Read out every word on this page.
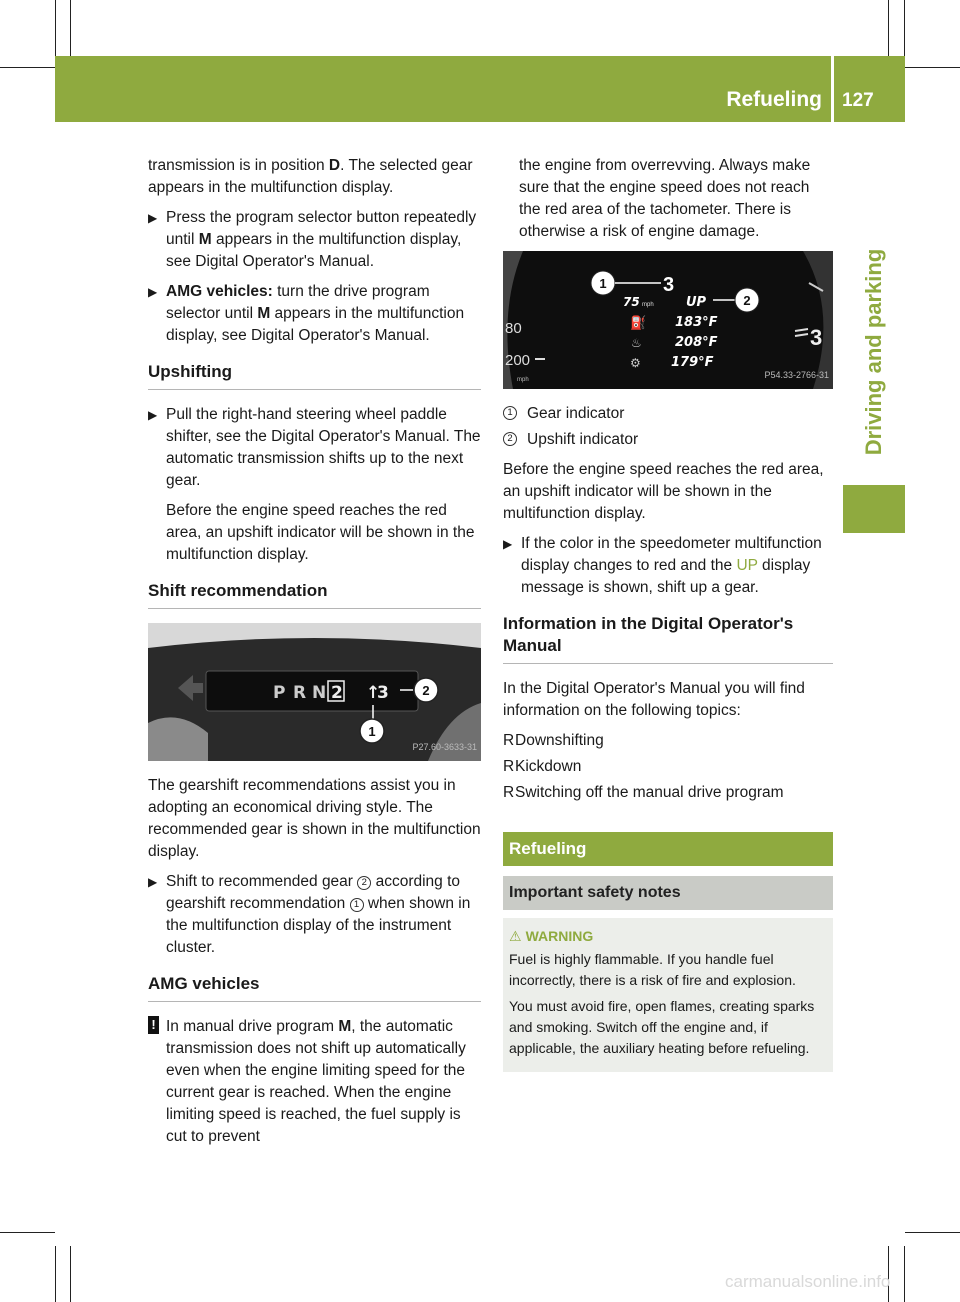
Refueling 127
Driving and parking

transmission is in position D. The selected gear appears in the multifunction display.

▶ Press the program selector button repeatedly until M appears in the multifunction display, see Digital Operator's Manual.
▶ AMG vehicles: turn the drive program selector until M appears in the multifunction display, see Digital Operator's Manual.
Upshifting
▶ Pull the right-hand steering wheel paddle shifter, see the Digital Operator's Manual. The automatic transmission shifts up to the next gear.

Before the engine speed reaches the red area, an upshift indicator will be shown in the multifunction display.

Shift recommendation
P R N 2 ↑
3	2
1
P27.60-3633-31

The gearshift recommendations assist you in adopting an economical driving style. The recommended gear is shown in the multifunction display.

▶ Shift to recommended gear 2 according to gearshift recommendation 1 when shown in the multifunction display of the instrument cluster.
AMG vehicles
! In manual drive program M, the automatic transmission does not shift up automatically even when the engine limiting speed for the current gear is reached. When the engine limiting speed is reached, the fuel supply is cut to prevent

the engine from overrevving. Always make sure that the engine speed does not reach the red area of the tachometer. There is otherwise a risk of engine damage.

80
200
mph
3
1	3
75 mph UP	2
⛽ 183°F
♨	208°F
⚙ 179°F
P54.33-2766-31
1 Gear indicator
2 Upshift indicator

Before the engine speed reaches the red area, an upshift indicator will be shown in the multifunction display.

▶ If the color in the speedometer multifunction display changes to red and the UP display message is shown, shift up a gear.
Information in the Digital Operator's Manual

In the Digital Operator's Manual you will find information on the following topics:

R Downshifting
R Kickdown
R Switching off the manual drive program
Refueling
Important safety notes
⚠ WARNING

Fuel is highly flammable. If you handle fuel incorrectly, there is a risk of fire and explosion.

You must avoid fire, open flames, creating sparks and smoking. Switch off the engine and, if applicable, the auxiliary heating before refueling.

carmanualsonline.info
